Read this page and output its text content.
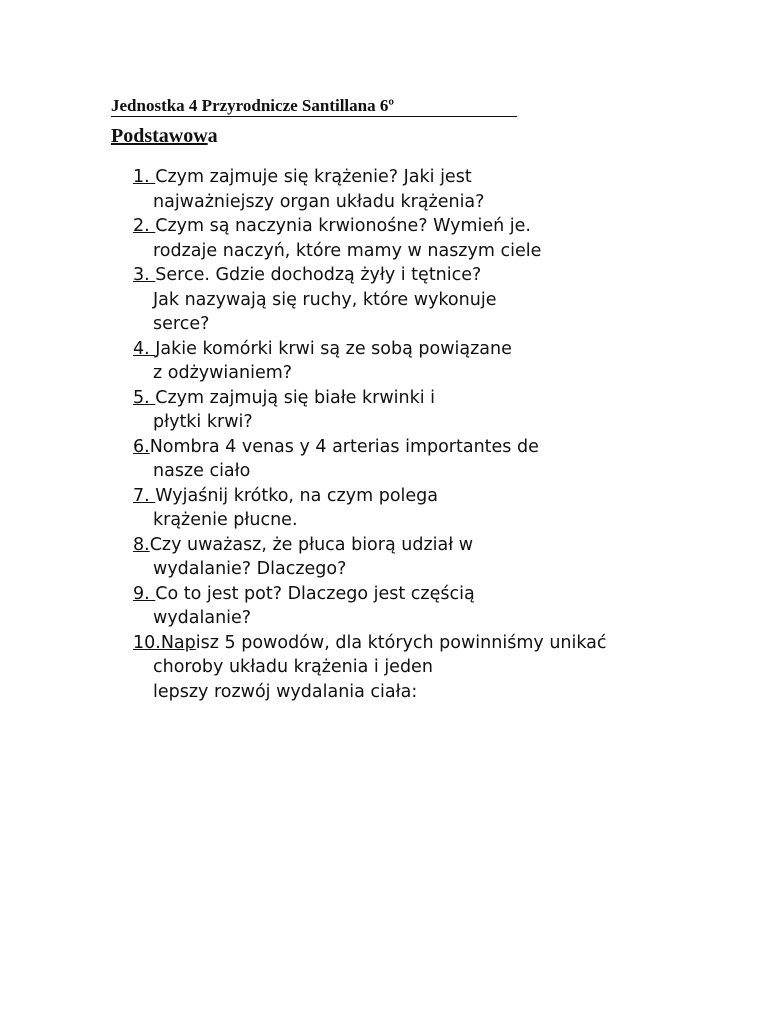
Jednostka 4 Przyrodnicze Santillana 6º
Podstawowa
1. Czym zajmuje się krążenie? Jaki jest
najważniejszy organ układu krążenia?
2. Czym są naczynia krwionośne? Wymień je.
rodzaje naczyń, które mamy w naszym ciele
3. Serce. Gdzie dochodzą żyły i tętnice?
Jak nazywają się ruchy, które wykonuje
serce?
4. Jakie komórki krwi są ze sobą powiązane
z odżywianiem?
5. Czym zajmują się białe krwinki i
płytki krwi?
6.Nombra 4 venas y 4 arterias importantes de
nasze ciało
7. Wyjaśnij krótko, na czym polega
krążenie płucne.
8.Czy uważasz, że płuca biorą udział w
wydalanie? Dlaczego?
9. Co to jest pot? Dlaczego jest częścią
wydalanie?
10.Napisz 5 powodów, dla których powinniśmy unikać
choroby układu krążenia i jeden
lepszy rozwój wydalania ciała:
